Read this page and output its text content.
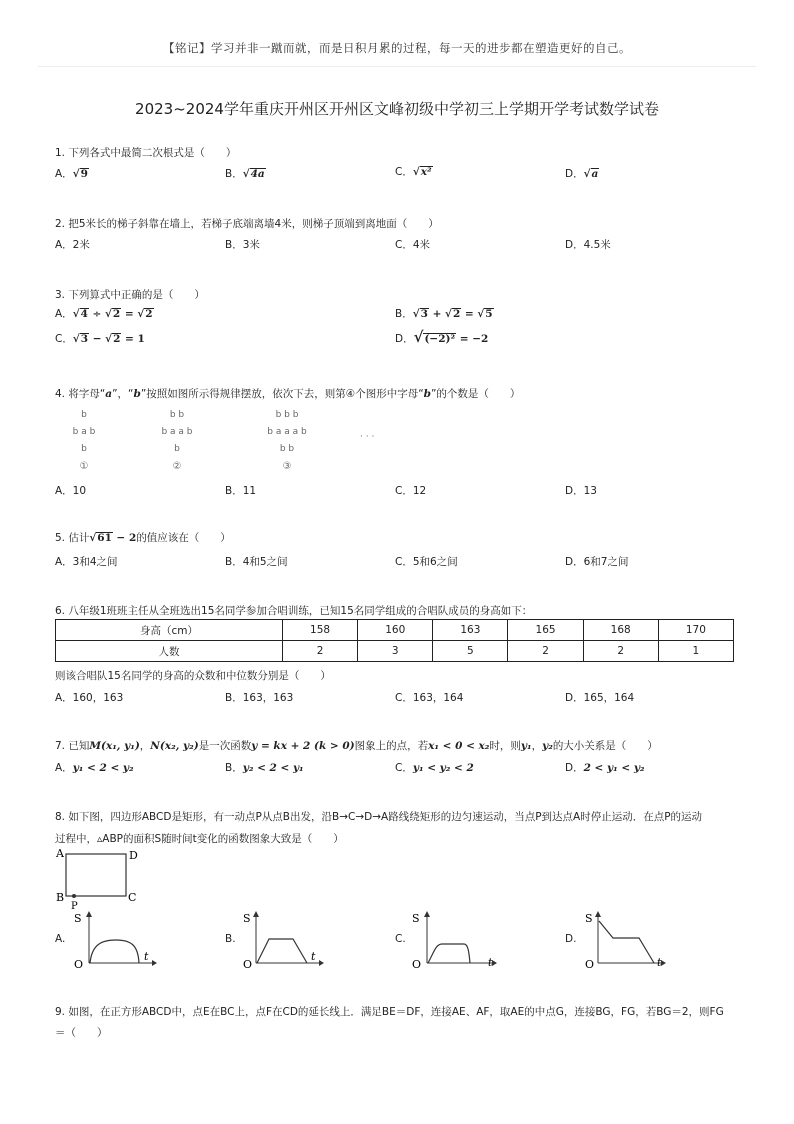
【铭记】学习并非一蹴而就，而是日积月累的过程，每一天的进步都在塑造更好的自己。
2023~2024学年重庆开州区开州区文峰初级中学初三上学期开学考试数学试卷
1. 下列各式中最简二次根式是（　　）
A．√9	B．√4a	C．√x²	D．√a
2. 把5米长的梯子斜靠在墙上，若梯子底端离墙4米，则梯子顶端到离地面（　　）
A．2米	B．3米	C．4米	D．4.5米
3. 下列算式中正确的是（　　）
A．√4 ÷ √2 = √2	B．√3 + √2 = √5
C．√3 − √2 = 1	D．√(−2)² = −2
4. 将字母“a”，“b”按照如图所示得规律摆放，依次下去，则第④个图形中字母“b”的个数是（　　）
b
b a b
b
①
b b
b a a b
b
②
b b b
b a a a b
b b
③
· · ·
A．10	B．11	C．12	D．13
5. 估计√61 − 2的值应该在（　　）
A．3和4之间	B．4和5之间	C．5和6之间	D．6和7之间
6. 八年级1班班主任从全班选出15名同学参加合唱训练，已知15名同学组成的合唱队成员的身高如下：
身高（cm）	158	160	163	165	168	170
人数	2	3	5	2	2	1
则该合唱队15名同学的身高的众数和中位数分别是（　　）
A．160，163	B．163，163	C．163，164	D．165，164
7. 已知M(x₁, y₁)，N(x₂, y₂)是一次函数y = kx + 2 (k > 0)图象上的点，若x₁ < 0 < x₂时，则y₁，y₂的大小关系是（　　）
A．y₁ < 2 < y₂	B．y₂ < 2 < y₁	C．y₁ < y₂ < 2	D．2 < y₁ < y₂
8. 如下图，四边形ABCD是矩形，有一动点P从点B出发，沿B→C→D→A路线绕矩形的边匀速运动，当点P到达点A时停止运动．在点P的运动
过程中，▵ABP的面积S随时间t变化的函数图象大致是（　　）
A	D
B	C
P
A.
S
O
t
B.
S
O
t
C.
S
O	t
D.
S
O	t
9. 如图，在正方形ABCD中，点E在BC上，点F在CD的延长线上．满足BE＝DF，连接AE、AF，取AE的中点G，连接BG，FG，若BG＝2，则FG
＝（　　）
